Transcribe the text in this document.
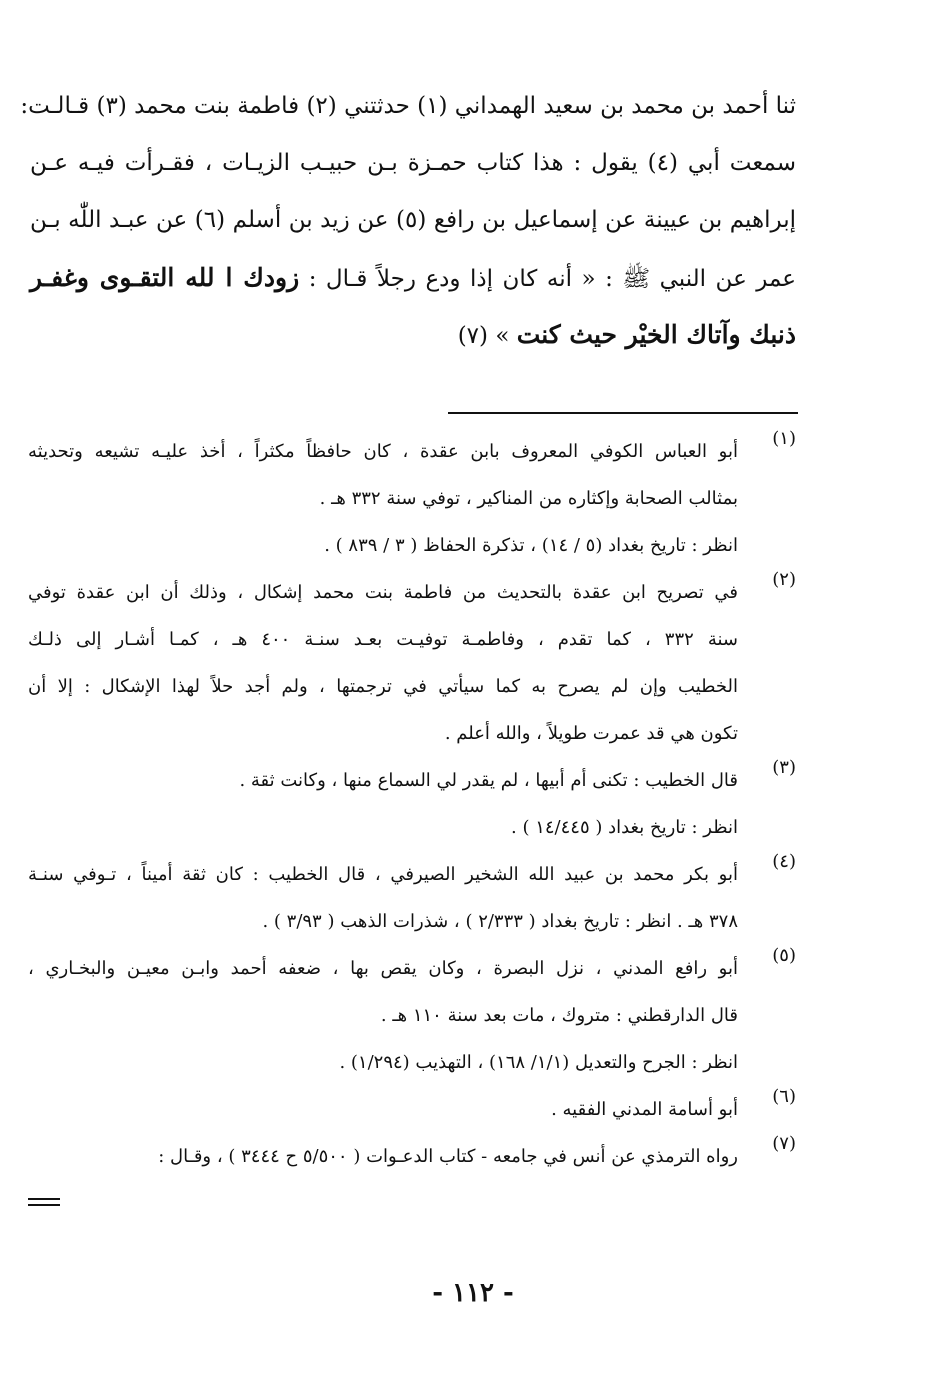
ثنا أحمد بن محمد بن سعيد الهمداني (١) حدثتني (٢) فاطمة بنت محمد (٣) قـالـت:
سمعت أبي (٤) يقول : هذا كتاب حمـزة بـن حبيـب الزيـات ، فقـرأت فيـه عـن
إبراهيم بن عيينة عن إسماعيل بن رافع (٥) عن زيد بن أسلم (٦) عن عبـد اللّٰه بـن
عمر عن النبي ﷺ : « أنه كان إذا ودع رجلاً قـال : زودك ا لله التقـوى وغفـر
ذنبك وآتاك الخيْر حيث كنت » (٧)
(١)
أبو العباس الكوفي المعروف بابن عقدة ، كان حافظاً مكثراً ، أخذ عليـه تشيعه وتحديثه
بمثالب الصحابة وإكثاره من المناكير ، توفي سنة ٣٣٢ هـ .
انظر : تاريخ بغداد (٥ / ١٤) ، تذكرة الحفاظ ( ٣ / ٨٣٩ ) .
(٢)
في تصريح ابن عقدة بالتحديث من فاطمة بنت محمد إشكال ، وذلك أن ابن عقدة توفي
سنة ٣٣٢ ، كما تقدم ، وفاطمـة توفيـت بعـد سنـة ٤٠٠ هـ ، كمـا أشـار إلى ذلـك
الخطيب وإن لم يصرح به كما سيأتي في ترجمتها ، ولم أجد حلاً لهذا الإشكال : إلا أن
تكون هي قد عمرت طويلاً ، والله أعلم .
(٣)
قال الخطيب : تكنى أم أبيها ، لم يقدر لي السماع منها ، وكانت ثقة .
انظر : تاريخ بغداد ( ١٤/٤٤٥ ) .
(٤)
أبو بكر محمد بن عبيد الله الشخير الصيرفي ، قال الخطيب : كان ثقة أميناً ، تـوفي سنـة
٣٧٨ هـ . انظر : تاريخ بغداد ( ٢/٣٣٣ ) ، شذرات الذهب ( ٣/٩٣ ) .
(٥)
أبو رافع المدني ، نزل البصرة ، وكان يقص بها ، ضعفه أحمد وابـن معيـن والبخـاري ،
قال الدارقطني : متروك ، مات بعد سنة ١١٠ هـ .
انظر : الجرح والتعديل (١/١/ ١٦٨) ، التهذيب (١/٢٩٤) .
(٦)
أبو أسامة المدني الفقيه .
(٧)
رواه الترمذي عن أنس في جامعه - كتاب الدعـوات ( ٥/٥٠٠ ح ٣٤٤٤ ) ، وقـال :
- ١١٢ -
